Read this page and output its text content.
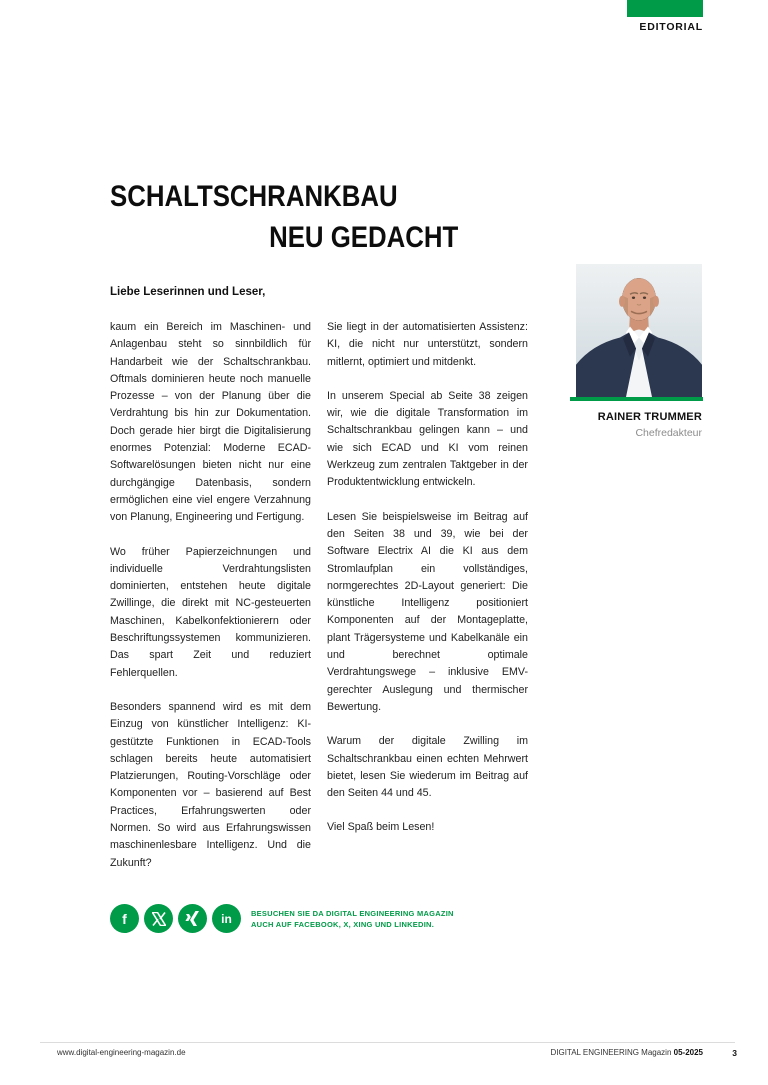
EDITORIAL
SCHALTSCHRANKBAU
NEU GEDACHT
Liebe Leserinnen und Leser,

kaum ein Bereich im Maschinen- und Anlagenbau steht so sinnbildlich für Handarbeit wie der Schaltschrankbau. Oftmals dominieren heute noch manuelle Prozesse – von der Planung über die Verdrahtung bis hin zur Dokumentation. Doch gerade hier birgt die Digitalisierung enormes Potenzial: Moderne ECAD-Softwarelösungen bieten nicht nur eine durchgängige Datenbasis, sondern ermöglichen eine viel engere Verzahnung von Planung, Engineering und Fertigung.

Wo früher Papierzeichnungen und individuelle Verdrahtungslisten dominierten, entstehen heute digitale Zwillinge, die direkt mit NC-gesteuerten Maschinen, Kabelkonfektionierern oder Beschriftungssystemen kommunizieren. Das spart Zeit und reduziert Fehlerquellen.

Besonders spannend wird es mit dem Einzug von künstlicher Intelligenz: KI-gestützte Funktionen in ECAD-Tools schlagen bereits heute automatisiert Platzierungen, Routing-Vorschläge oder Komponenten vor – basierend auf Best Practices, Erfahrungswerten oder Normen. So wird aus Erfahrungswissen maschinenlesbare Intelligenz. Und die Zukunft?

Sie liegt in der automatisierten Assistenz: KI, die nicht nur unterstützt, sondern mitlernt, optimiert und mitdenkt.

In unserem Special ab Seite 38 zeigen wir, wie die digitale Transformation im Schaltschrankbau gelingen kann – und wie sich ECAD und KI vom reinen Werkzeug zum zentralen Taktgeber in der Produktentwicklung entwickeln.

Lesen Sie beispielsweise im Beitrag auf den Seiten 38 und 39, wie bei der Software Electrix AI die KI aus dem Stromlaufplan ein vollständiges, normgerechtes 2D-Layout generiert: Die künstliche Intelligenz positioniert Komponenten auf der Montageplatte, plant Trägersysteme und Kabelkanäle ein und berechnet optimale Verdrahtungswege – inklusive EMV-gerechter Auslegung und thermischer Bewertung.

Warum der digitale Zwilling im Schaltschrankbau einen echten Mehrwert bietet, lesen Sie wiederum im Beitrag auf den Seiten 44 und 45.

Viel Spaß beim Lesen!

RAINER TRUMMER
Chefredakteur
f	in	BESUCHEN SIE DA DIGITAL ENGINEERING MAGAZIN
AUCH AUF FACEBOOK, X, XING UND LINKEDIN.
www.digital-engineering-magazin.de	DIGITAL ENGINEERING Magazin 05-2025	3
